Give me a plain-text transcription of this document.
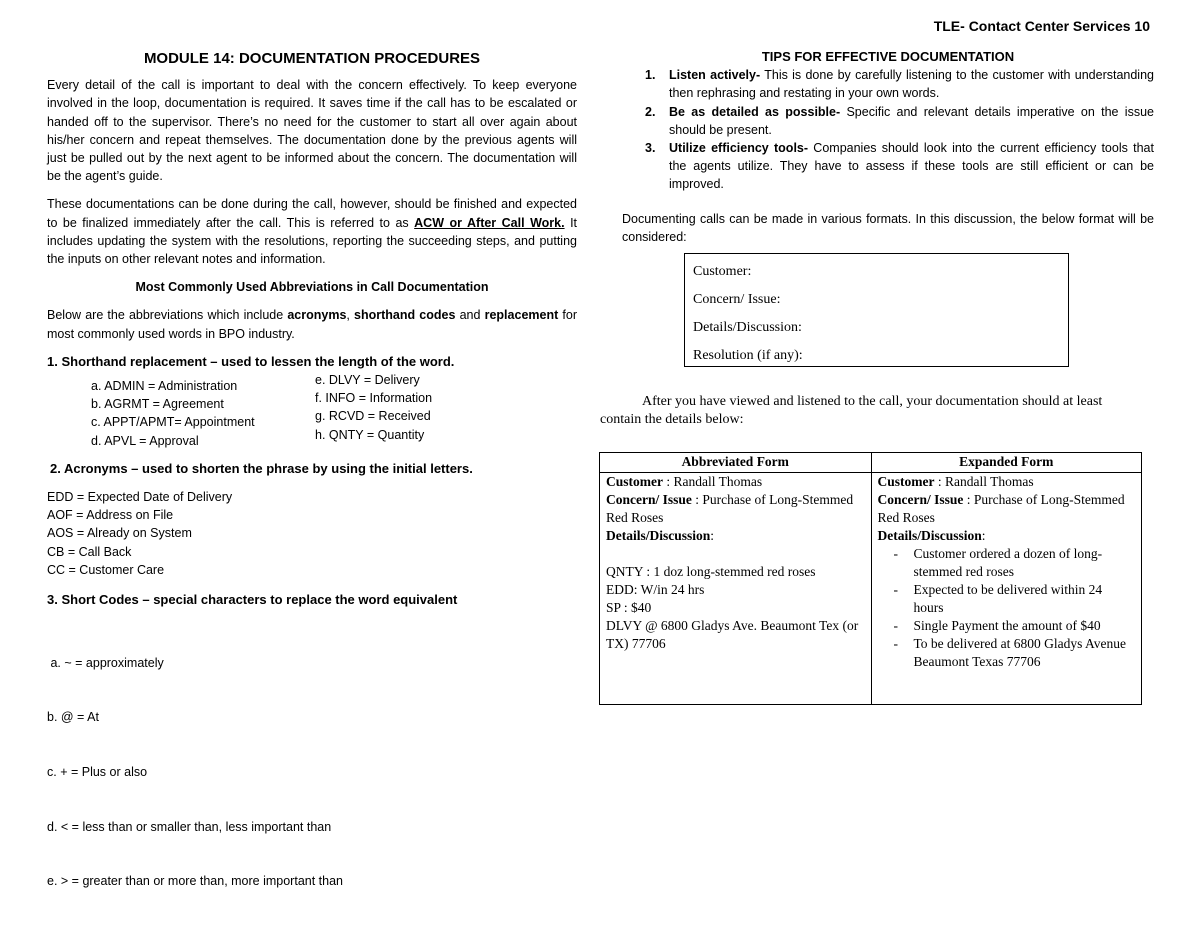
TLE- Contact Center Services 10
MODULE 14: DOCUMENTATION PROCEDURES

Every detail of the call is important to deal with the concern effectively. To keep everyone involved in the loop, documentation is required. It saves time if the call has to be escalated or handed off to the supervisor. There’s no need for the customer to start all over again about his/her concern and repeat themselves. The documentation done by the previous agents will just be pulled out by the next agent to be informed about the concern. The documentation will be the agent’s guide.

These documentations can be done during the call, however, should be finished and expected to be finalized immediately after the call. This is referred to as ACW or After Call Work. It includes updating the system with the resolutions, reporting the succeeding steps, and putting the inputs on other relevant notes and information.

Most Commonly Used Abbreviations in Call Documentation

Below are the abbreviations which include acronyms, shorthand codes and replacement for most commonly used words in BPO industry.

1. Shorthand replacement – used to lessen the length of the word.
a. ADMIN = Administration
b. AGRMT = Agreement
c. APPT/APMT= Appointment
d. APVL = Approval
e. DLVY = Delivery
f. INFO = Information
g. RCVD = Received
h. QNTY = Quantity
2. Acronyms – used to shorten the phrase by using the initial letters.
EDD = Expected Date of Delivery
AOF = Address on File
AOS = Already on System
CB = Call Back
CC = Customer Care
3. Short Codes – special characters to replace the word equivalent

a. ~ = approximately

b. @ = At

c. + = Plus or also

d. < = less than or smaller than, less important than

e. > = greater than or more than, more important than

TIPS FOR EFFECTIVE DOCUMENTATION
1.	Listen actively- This is done by carefully listening to the customer with understanding then rephrasing and restating in your own words.
2.	Be as detailed as possible- Specific and relevant details imperative on the issue should be present.
3.	Utilize efficiency tools- Companies should look into the current efficiency tools that the agents utilize. They have to assess if these tools are still efficient or can be improved.

Documenting calls can be made in various formats. In this discussion, the below format will be considered:

Customer:
Concern/ Issue:
Details/Discussion:
Resolution (if any):
After you have viewed and listened to the call, your documentation should at least contain the details below:
Abbreviated Form
Customer : Randall Thomas
Concern/ Issue : Purchase of Long-Stemmed Red Roses
Details/Discussion:
QNTY : 1 doz long-stemmed red roses
EDD: W/in 24 hrs
SP : $40
DLVY @ 6800 Gladys Ave. Beaumont Tex (or TX) 77706
Expanded Form
Customer : Randall Thomas
Concern/ Issue : Purchase of Long-Stemmed Red Roses
Details/Discussion:
-	Customer ordered a dozen of long-stemmed red roses
-	Expected to be delivered within 24 hours
-	Single Payment the amount of $40
-	To be delivered at 6800 Gladys Avenue Beaumont Texas 77706
